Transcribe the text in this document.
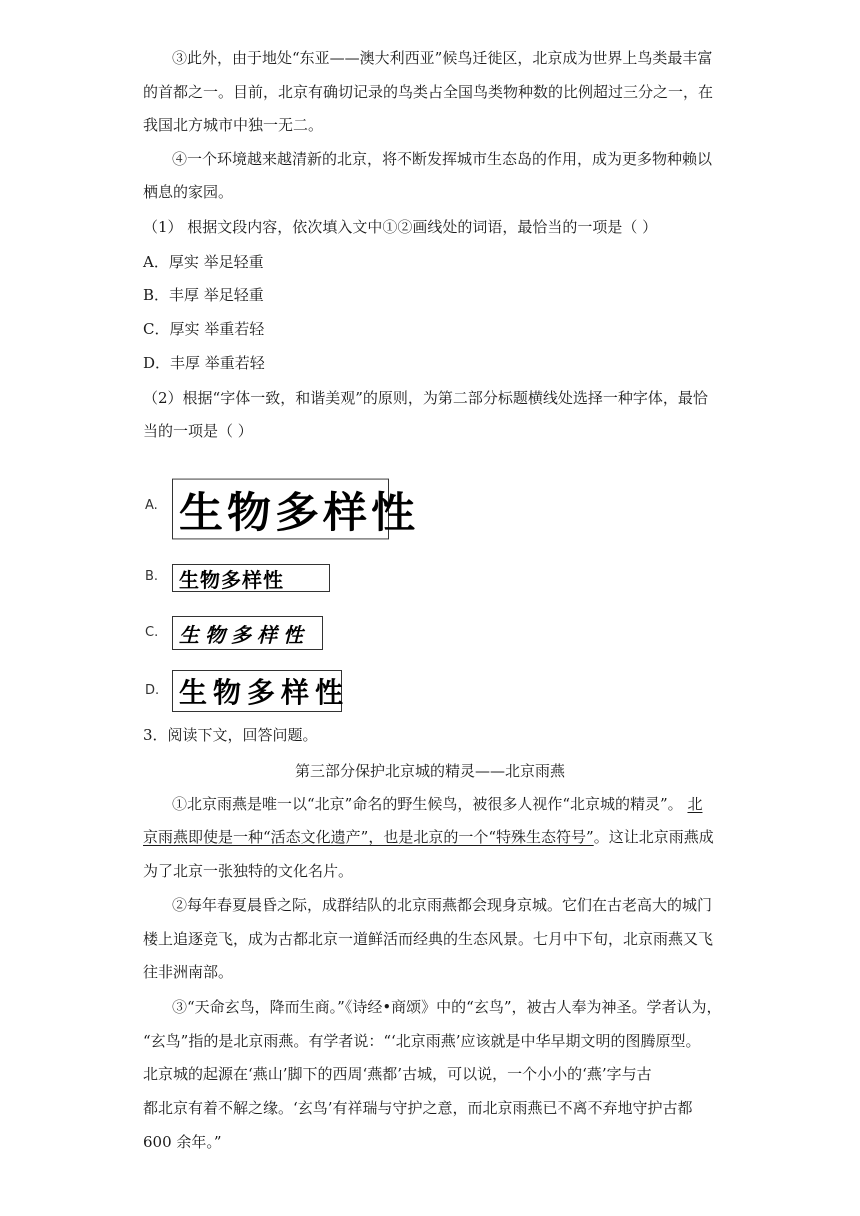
③此外，由于地处“东亚——澳大利西亚”候鸟迁徙区，北京成为世界上鸟类最丰富
的首都之一。目前，北京有确切记录的鸟类占全国鸟类物种数的比例超过三分之一，在
我国北方城市中独一无二。
④一个环境越来越清新的北京，将不断发挥城市生态岛的作用，成为更多物种赖以
栖息的家园。
（1） 根据文段内容，依次填入文中①②画线处的词语，最恰当的一项是（ ）
A．厚实 举足轻重
B．丰厚 举足轻重
C．厚实 举重若轻
D．丰厚 举重若轻
（2）根据“字体一致，和谐美观”的原则，为第二部分标题横线处选择一种字体，最恰
当的一项是（ ）
A. 生物多样性
B.	生物多样性
C.	生物多样性
D. 生物多样性
3．阅读下文，回答问题。
第三部分保护北京城的精灵——北京雨燕
①北京雨燕是唯一以“北京”命名的野生候鸟，被很多人视作“北京城的精灵”。 北
京雨燕即使是一种“活态文化遗产”，也是北京的一个“特殊生态符号”。这让北京雨燕成
为了北京一张独特的文化名片。
②每年春夏晨昏之际，成群结队的北京雨燕都会现身京城。它们在古老高大的城门
楼上追逐竞飞，成为古都北京一道鲜活而经典的生态风景。七月中下旬，北京雨燕又飞
往非洲南部。
③“天命玄鸟，降而生商。”《诗经•商颂》中的“玄鸟”，被古人奉为神圣。学者认为，
“玄鸟”指的是北京雨燕。有学者说：“‘北京雨燕’应该就是中华早期文明的图腾原型。
北京城的起源在‘燕山’脚下的西周‘燕都’古城，可以说，一个小小的‘燕’字与古
都北京有着不解之缘。‘玄鸟’有祥瑞与守护之意，而北京雨燕已不离不弃地守护古都
600 余年。”
